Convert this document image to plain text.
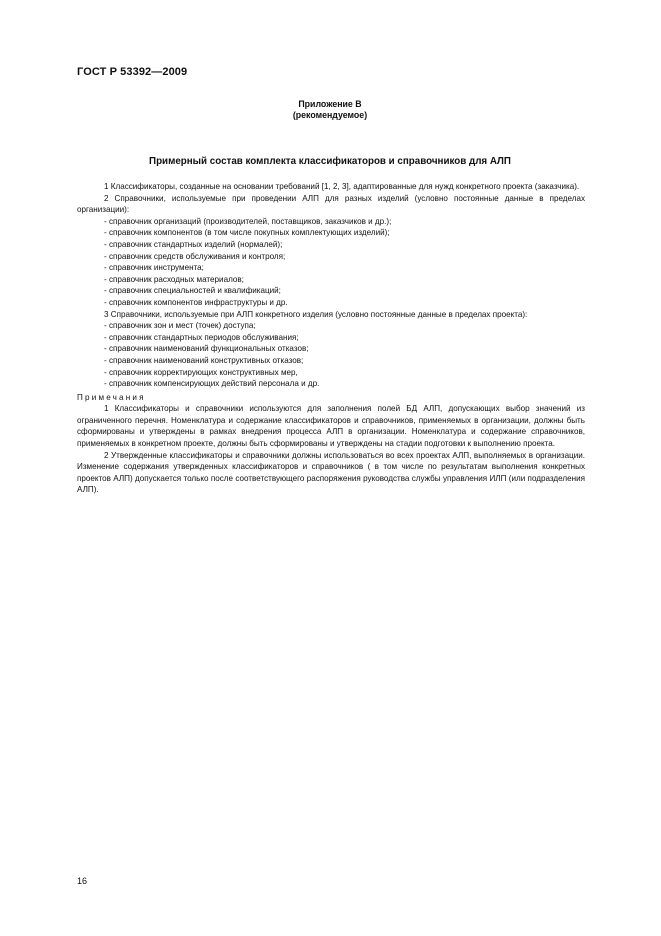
ГОСТ Р 53392—2009
Приложение В
(рекомендуемое)
Примерный состав комплекта классификаторов и справочников для АЛП

1 Классификаторы, созданные на основании требований [1, 2, 3], адаптированные для нужд конкретного проекта (заказчика).

2 Справочники, используемые при проведении АЛП для разных изделий (условно постоянные данные в пределах организации):

- справочник организаций (производителей, поставщиков, заказчиков и др.);

- справочник компонентов (в том числе покупных комплектующих изделий);

- справочник стандартных изделий (нормалей);

- справочник средств обслуживания и контроля;

- справочник инструмента;

- справочник расходных материалов;

- справочник специальностей и квалификаций;

- справочник компонентов инфраструктуры и др.

3 Справочники, используемые при АЛП конкретного изделия (условно постоянные данные в пределах проекта):

- справочник зон и мест (точек) доступа;

- справочник стандартных периодов обслуживания;

- справочник наименований функциональных отказов;

- справочник наименований конструктивных отказов;

- справочник корректирующих конструктивных мер,

- справочник компенсирующих действий персонала и др.

Примечания

1 Классификаторы и справочники используются для заполнения полей БД АЛП, допускающих выбор значений из ограниченного перечня. Номенклатура и содержание классификаторов и справочников, применяемых в организации, должны быть сформированы и утверждены в рамках внедрения процесса АЛП в организации. Номенклатура и содержание справочников, применяемых в конкретном проекте, должны быть сформированы и утверждены на стадии подготовки к выполнению проекта.

2 Утвержденные классификаторы и справочники должны использоваться во всех проектах АЛП, выполняемых в организации. Изменение содержания утвержденных классификаторов и справочников ( в том числе по результатам выполнения конкретных проектов АЛП) допускается только после соответствующего распоряжения руководства службы управления ИЛП (или подразделения АЛП).

16
